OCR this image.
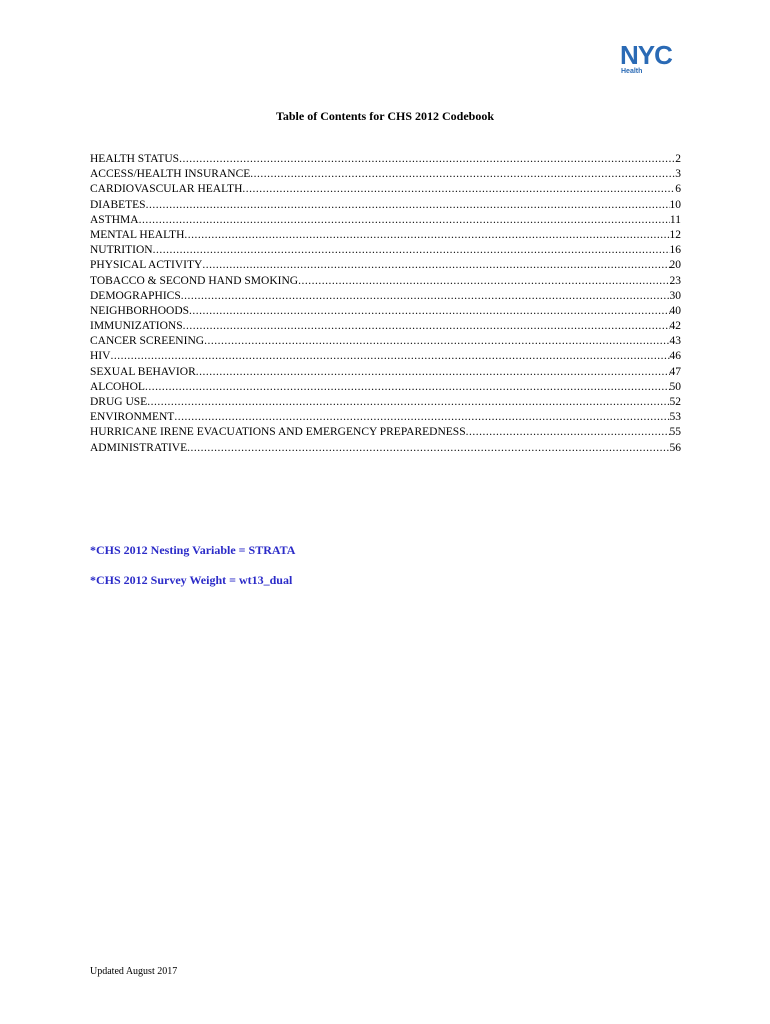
NYC
Health
Table of Contents for CHS 2012 Codebook
HEALTH STATUS .....	2
ACCESS/HEALTH INSURANCE .....	3
CARDIOVASCULAR HEALTH .....	6
DIABETES .....	10
ASTHMA .....	11
MENTAL HEALTH .....	12
NUTRITION .....	16
PHYSICAL ACTIVITY .....	20
TOBACCO & SECOND HAND SMOKING .....	23
DEMOGRAPHICS .....	30
NEIGHBORHOODS .....	40
IMMUNIZATIONS .....	42
CANCER SCREENING .....	43
HIV .....	46
SEXUAL BEHAVIOR .....	47
ALCOHOL .....	50
DRUG USE .....	52
ENVIRONMENT .....	53
HURRICANE IRENE EVACUATIONS AND EMERGENCY PREPAREDNESS .....	55
ADMINISTRATIVE .....	56
*CHS 2012 Nesting Variable = STRATA
*CHS 2012 Survey Weight = wt13_dual
Updated August 2017
